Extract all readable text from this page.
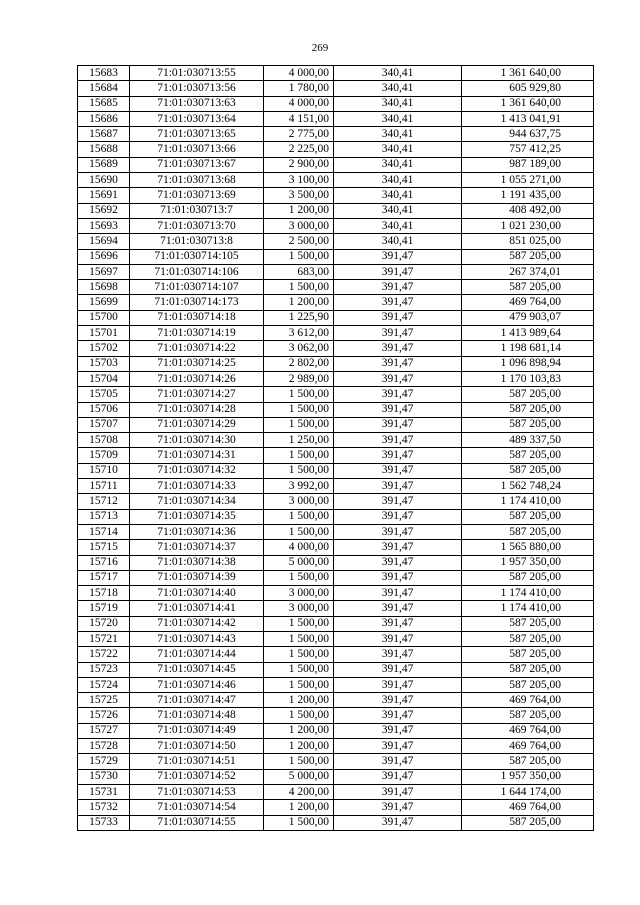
269
15683	71:01:030713:55	4 000,00	340,41	1 361 640,00
15684	71:01:030713:56	1 780,00	340,41	605 929,80
15685	71:01:030713:63	4 000,00	340,41	1 361 640,00
15686	71:01:030713:64	4 151,00	340,41	1 413 041,91
15687	71:01:030713:65	2 775,00	340,41	944 637,75
15688	71:01:030713:66	2 225,00	340,41	757 412,25
15689	71:01:030713:67	2 900,00	340,41	987 189,00
15690	71:01:030713:68	3 100,00	340,41	1 055 271,00
15691	71:01:030713:69	3 500,00	340,41	1 191 435,00
15692	71:01:030713:7	1 200,00	340,41	408 492,00
15693	71:01:030713:70	3 000,00	340,41	1 021 230,00
15694	71:01:030713:8	2 500,00	340,41	851 025,00
15696	71:01:030714:105	1 500,00	391,47	587 205,00
15697	71:01:030714:106	683,00	391,47	267 374,01
15698	71:01:030714:107	1 500,00	391,47	587 205,00
15699	71:01:030714:173	1 200,00	391,47	469 764,00
15700	71:01:030714:18	1 225,90	391,47	479 903,07
15701	71:01:030714:19	3 612,00	391,47	1 413 989,64
15702	71:01:030714:22	3 062,00	391,47	1 198 681,14
15703	71:01:030714:25	2 802,00	391,47	1 096 898,94
15704	71:01:030714:26	2 989,00	391,47	1 170 103,83
15705	71:01:030714:27	1 500,00	391,47	587 205,00
15706	71:01:030714:28	1 500,00	391,47	587 205,00
15707	71:01:030714:29	1 500,00	391,47	587 205,00
15708	71:01:030714:30	1 250,00	391,47	489 337,50
15709	71:01:030714:31	1 500,00	391,47	587 205,00
15710	71:01:030714:32	1 500,00	391,47	587 205,00
15711	71:01:030714:33	3 992,00	391,47	1 562 748,24
15712	71:01:030714:34	3 000,00	391,47	1 174 410,00
15713	71:01:030714:35	1 500,00	391,47	587 205,00
15714	71:01:030714:36	1 500,00	391,47	587 205,00
15715	71:01:030714:37	4 000,00	391,47	1 565 880,00
15716	71:01:030714:38	5 000,00	391,47	1 957 350,00
15717	71:01:030714:39	1 500,00	391,47	587 205,00
15718	71:01:030714:40	3 000,00	391,47	1 174 410,00
15719	71:01:030714:41	3 000,00	391,47	1 174 410,00
15720	71:01:030714:42	1 500,00	391,47	587 205,00
15721	71:01:030714:43	1 500,00	391,47	587 205,00
15722	71:01:030714:44	1 500,00	391,47	587 205,00
15723	71:01:030714:45	1 500,00	391,47	587 205,00
15724	71:01:030714:46	1 500,00	391,47	587 205,00
15725	71:01:030714:47	1 200,00	391,47	469 764,00
15726	71:01:030714:48	1 500,00	391,47	587 205,00
15727	71:01:030714:49	1 200,00	391,47	469 764,00
15728	71:01:030714:50	1 200,00	391,47	469 764,00
15729	71:01:030714:51	1 500,00	391,47	587 205,00
15730	71:01:030714:52	5 000,00	391,47	1 957 350,00
15731	71:01:030714:53	4 200,00	391,47	1 644 174,00
15732	71:01:030714:54	1 200,00	391,47	469 764,00
15733	71:01:030714:55	1 500,00	391,47	587 205,00
